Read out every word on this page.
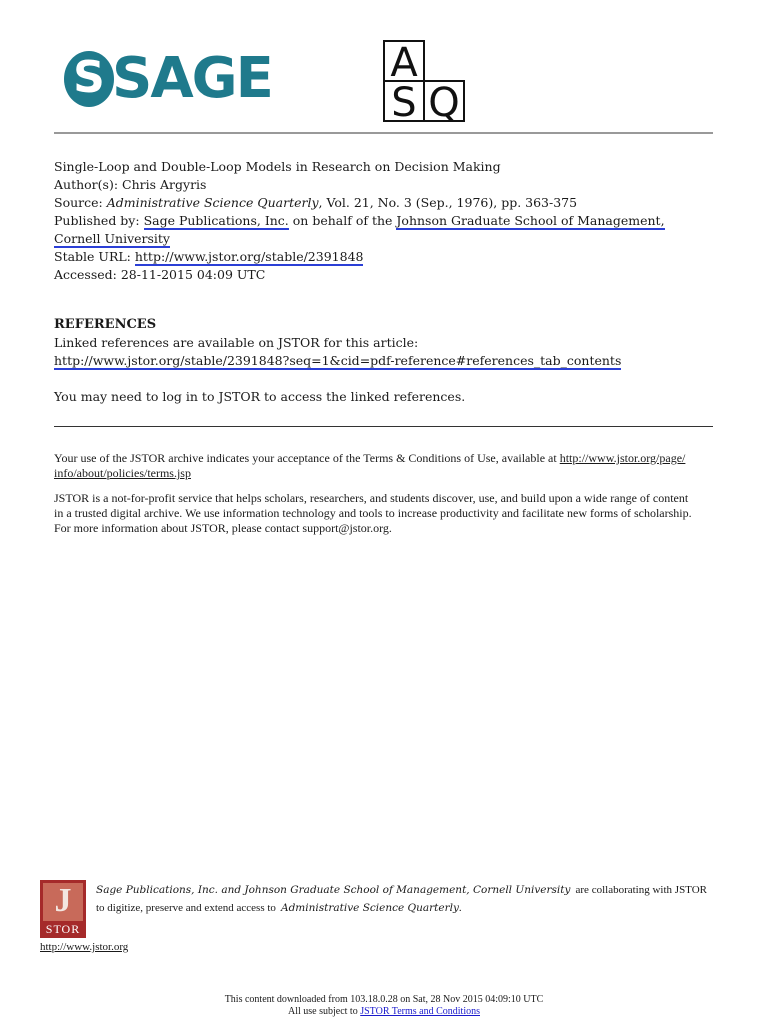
S SAGE	A
S Q
Single-Loop and Double-Loop Models in Research on Decision Making
Author(s): Chris Argyris
Source: Administrative Science Quarterly, Vol. 21, No. 3 (Sep., 1976), pp. 363-375
Published by: Sage Publications, Inc. on behalf of the Johnson Graduate School of Management,
Cornell University
Stable URL: http://www.jstor.org/stable/2391848
Accessed: 28-11-2015 04:09 UTC
REFERENCES
Linked references are available on JSTOR for this article:
http://www.jstor.org/stable/2391848?seq=1&cid=pdf-reference#references_tab_contents
You may need to log in to JSTOR to access the linked references.
Your use of the JSTOR archive indicates your acceptance of the Terms & Conditions of Use, available at http://www.jstor.org/page/
info/about/policies/terms.jsp
JSTOR is a not-for-profit service that helps scholars, researchers, and students discover, use, and build upon a wide range of content
in a trusted digital archive. We use information technology and tools to increase productivity and facilitate new forms of scholarship.
For more information about JSTOR, please contact support@jstor.org.
J
STOR
Sage Publications, Inc. and Johnson Graduate School of Management, Cornell University are collaborating with JSTOR
to digitize, preserve and extend access to Administrative Science Quarterly.
http://www.jstor.org
This content downloaded from 103.18.0.28 on Sat, 28 Nov 2015 04:09:10 UTC
All use subject to JSTOR Terms and Conditions
